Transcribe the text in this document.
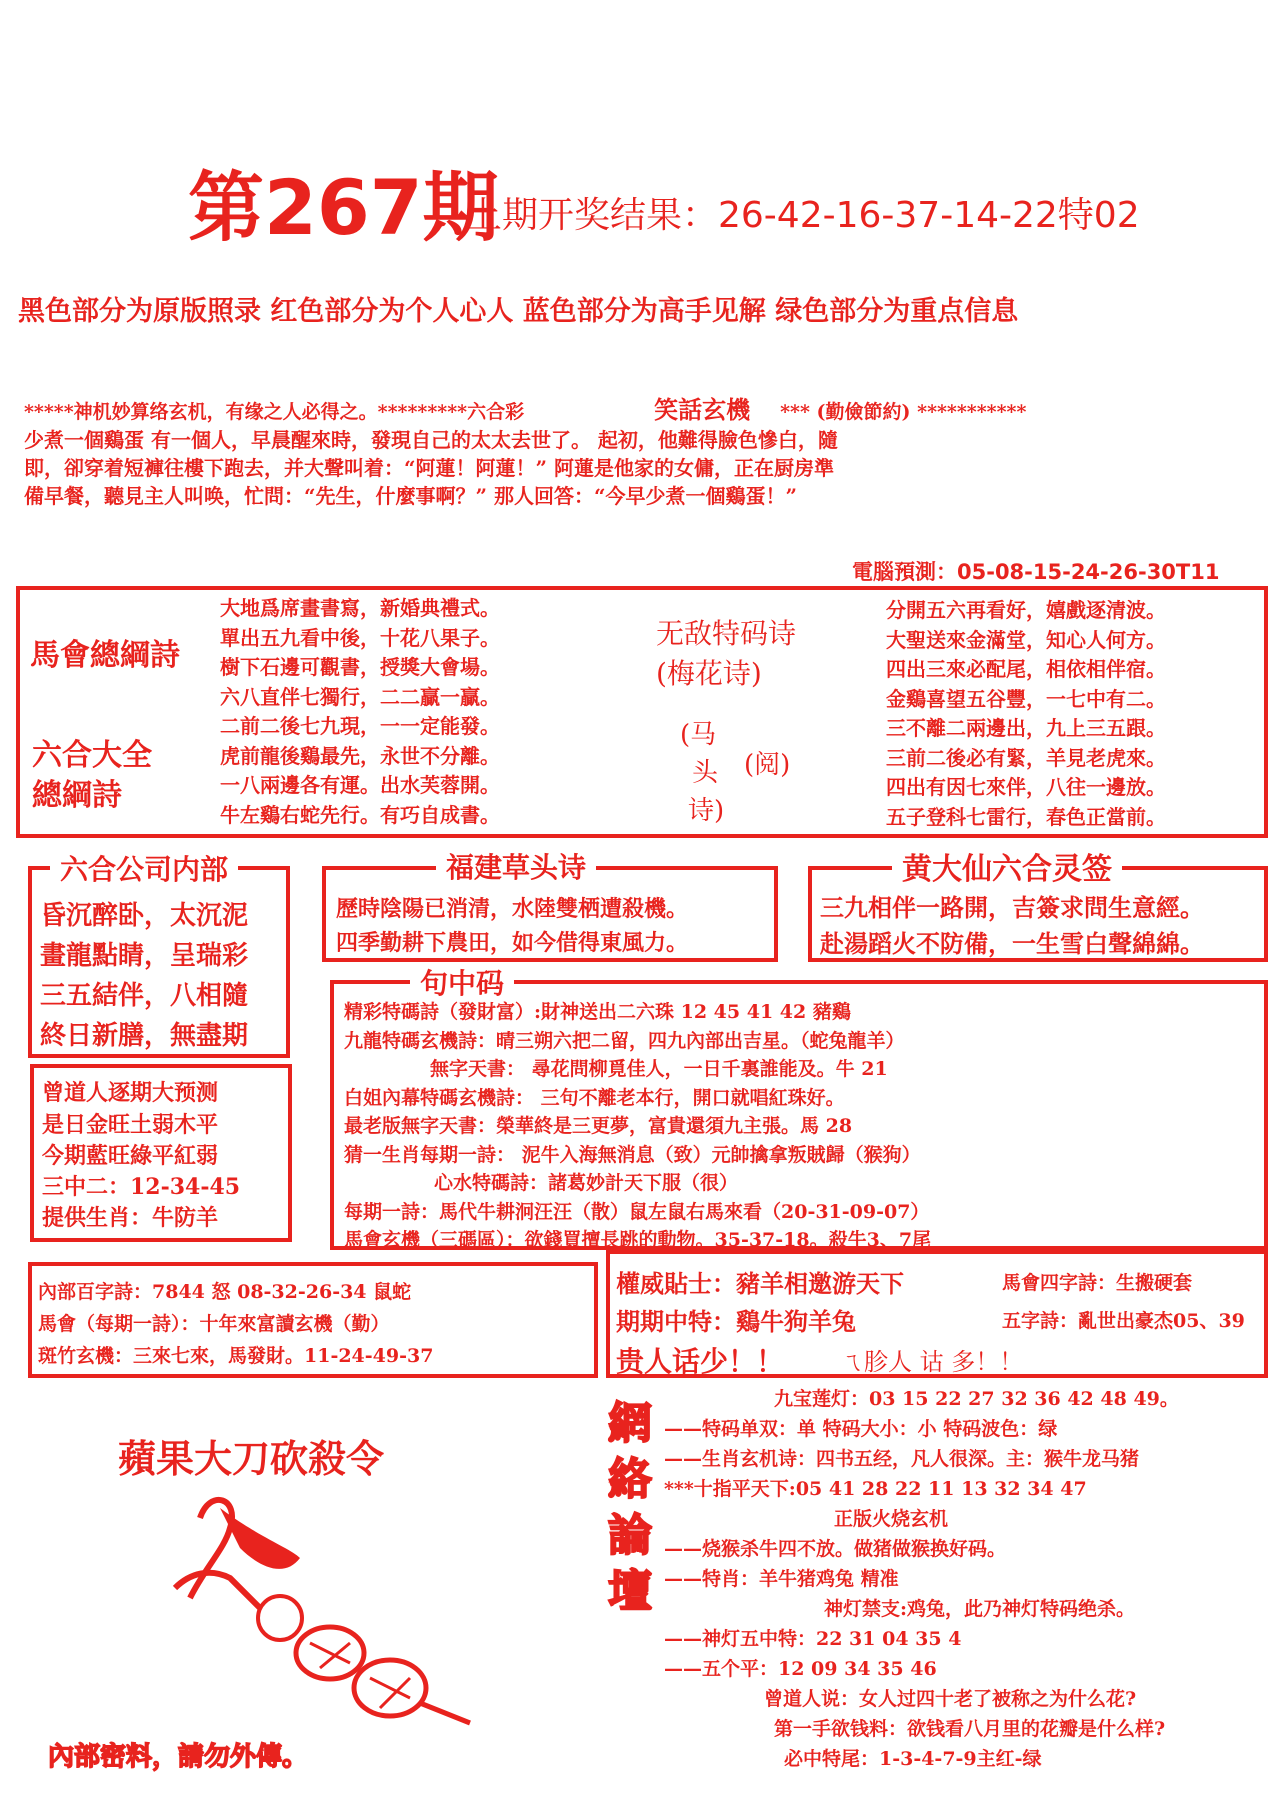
第267期
上期开奖结果：26-42-16-37-14-22特02
黑色部分为原版照录 红色部分为个人心人 蓝色部分为高手见解 绿色部分为重点信息
*****神机妙算络玄机，有缘之人必得之。*********六合彩	笑話玄機 *** (勤儉節約) ***********
少煮一個鷄蛋 有一個人，早晨醒來時，發現自己的太太去世了。 起初，他難得臉色慘白，隨
即，卻穿着短褲往樓下跑去，并大聲叫着：“阿蓮！阿蓮！” 阿蓮是他家的女傭，正在厨房準
備早餐，聽見主人叫唤，忙問：“先生，什麼事啊？” 那人回答：“今早少煮一個鷄蛋！”
電腦預測：05-08-15-24-26-30T11
馬會總綱詩
六合大全
總綱詩
大地爲席畫書寫，新婚典禮式。
單出五九看中後，十花八果子。
樹下石邊可觀書，授獎大會場。
六八直伴七獨行，二二贏一贏。
二前二後七九現，一一定能發。
虎前龍後鷄最先，永世不分離。
一八兩邊各有運。出水芙蓉開。
牛左鷄右蛇先行。有巧自成書。
无敌特码诗
(梅花诗)
(马
头
诗)
(阅)
分開五六再看好，嬉戲逐清波。
大聖送來金滿堂，知心人何方。
四出三來必配尾，相依相伴宿。
金鷄喜望五谷豐，一七中有二。
三不離二兩邊出，九上三五跟。
三前二後必有緊，羊見老虎來。
四出有因七來伴，八往一邊放。
五子登科七雷行，春色正當前。
六合公司内部
昏沉醉卧，太沉泥
畫龍點睛，呈瑞彩
三五結伴，八相隨
終日新膳，無盡期
福建草头诗
歷時陰陽已消清，水陸雙栖遭殺機。
四季勤耕下農田，如今借得東風力。
黄大仙六合灵签
三九相伴一路開，吉簽求問生意經。
赴湯蹈火不防備，一生雪白聲綿綿。
曾道人逐期大预测
是日金旺土弱木平
今期藍旺綠平紅弱
三中二：12-34-45
提供生肖：牛防羊
句中码
精彩特碼詩（發財富）:財神送出二六珠 12 45 41 42 豬鷄
九龍特碼玄機詩：晴三朔六把二留，四九內部出吉星。（蛇兔龍羊）
無字天書： 尋花問柳覓佳人，一日千裏誰能及。牛 21
白姐內幕特碼玄機詩： 三句不離老本行，開口就唱紅珠好。
最老版無字天書：榮華終是三更夢，富貴還須九主張。馬 28
猜一生肖每期一詩： 泥牛入海無消息（致）元帥擒拿叛賊歸（猴狗）
心水特碼詩：諸葛妙計天下服（很）
每期一詩：馬代牛耕泂汪汪（散）鼠左鼠右馬來看（20-31-09-07）
馬會玄機（三碼區）：欲錢買擅長跳的動物。35-37-18。殺牛3、7尾
內部百字詩：7844 怒 08-32-26-34 鼠蛇
馬會（每期一詩）：十年來富讀玄機（勤）
斑竹玄機：三來七來，馬發財。11-24-49-37
權威貼士：豬羊相邀游天下	馬會四字詩：生搬硬套
期期中特：鷄牛狗羊兔	五字詩：亂世出豪杰05、39
贵人话少！！ ㄟ胗人 诂 多！！
蘋果大刀砍殺令
內部密料，請勿外傳。
網絡論壇
九宝莲灯：03 15 22 27 32 36 42 48 49。
——特码单双：单 特码大小：小 特码波色：绿
——生肖玄机诗：四书五经，凡人很深。主：猴牛龙马猪
***十指平天下:05 41 28 22 11 13 32 34 47
正版火烧玄机
——烧猴杀牛四不放。做猪做猴换好码。
——特肖：羊牛猪鸡兔 精准
神灯禁支:鸡兔，此乃神灯特码绝杀。
——神灯五中特：22 31 04 35 4
——五个平：12 09 34 35 46
曾道人说：女人过四十老了被称之为什么花?
第一手欲钱料：欲钱看八月里的花瓣是什么样?
必中特尾：1-3-4-7-9主红-绿
